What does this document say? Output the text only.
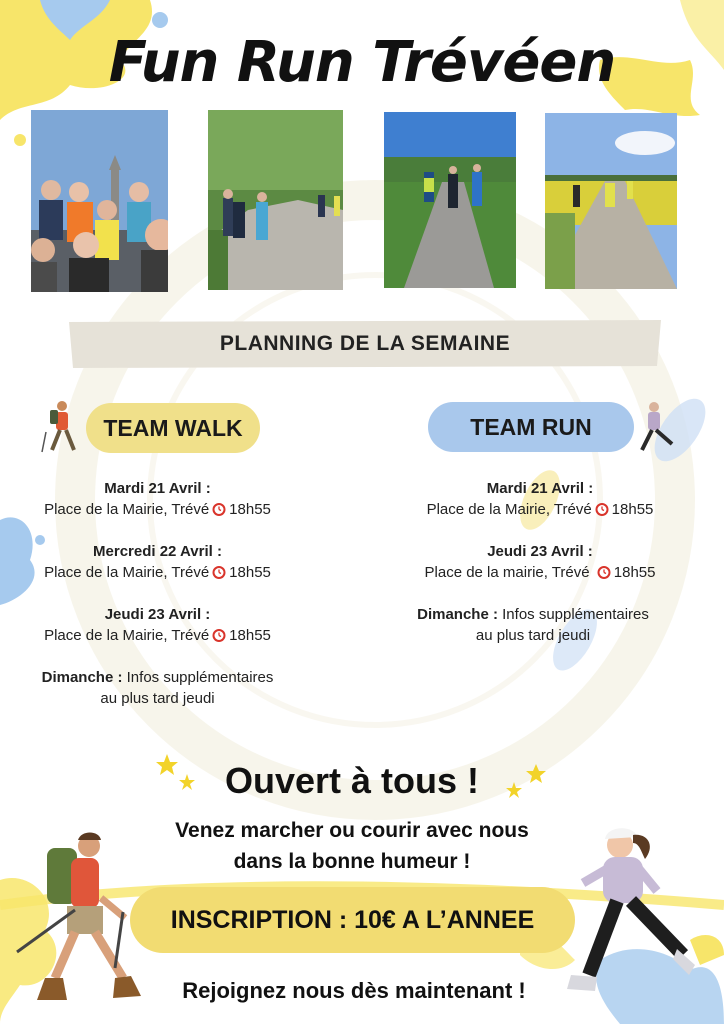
Fun Run Trévéen
PLANNING DE LA SEMAINE
TEAM WALK
Mardi 21 Avril :
Place de la Mairie, Trévé 18h55
Mercredi 22 Avril :
Place de la Mairie, Trévé 18h55
Jeudi 23 Avril :
Place de la Mairie, Trévé 18h55
Dimanche : Infos supplémentaires
au plus tard jeudi
TEAM RUN
Mardi 21 Avril :
Place de la Mairie, Trévé 18h55
Jeudi 23 Avril :
Place de la mairie, Trévé 18h55
Dimanche : Infos supplémentaires
au plus tard jeudi
Ouvert à tous !
Venez marcher ou courir avec nous
dans la bonne humeur !
INSCRIPTION : 10€ A L’ANNEE
Rejoignez nous dès maintenant !
